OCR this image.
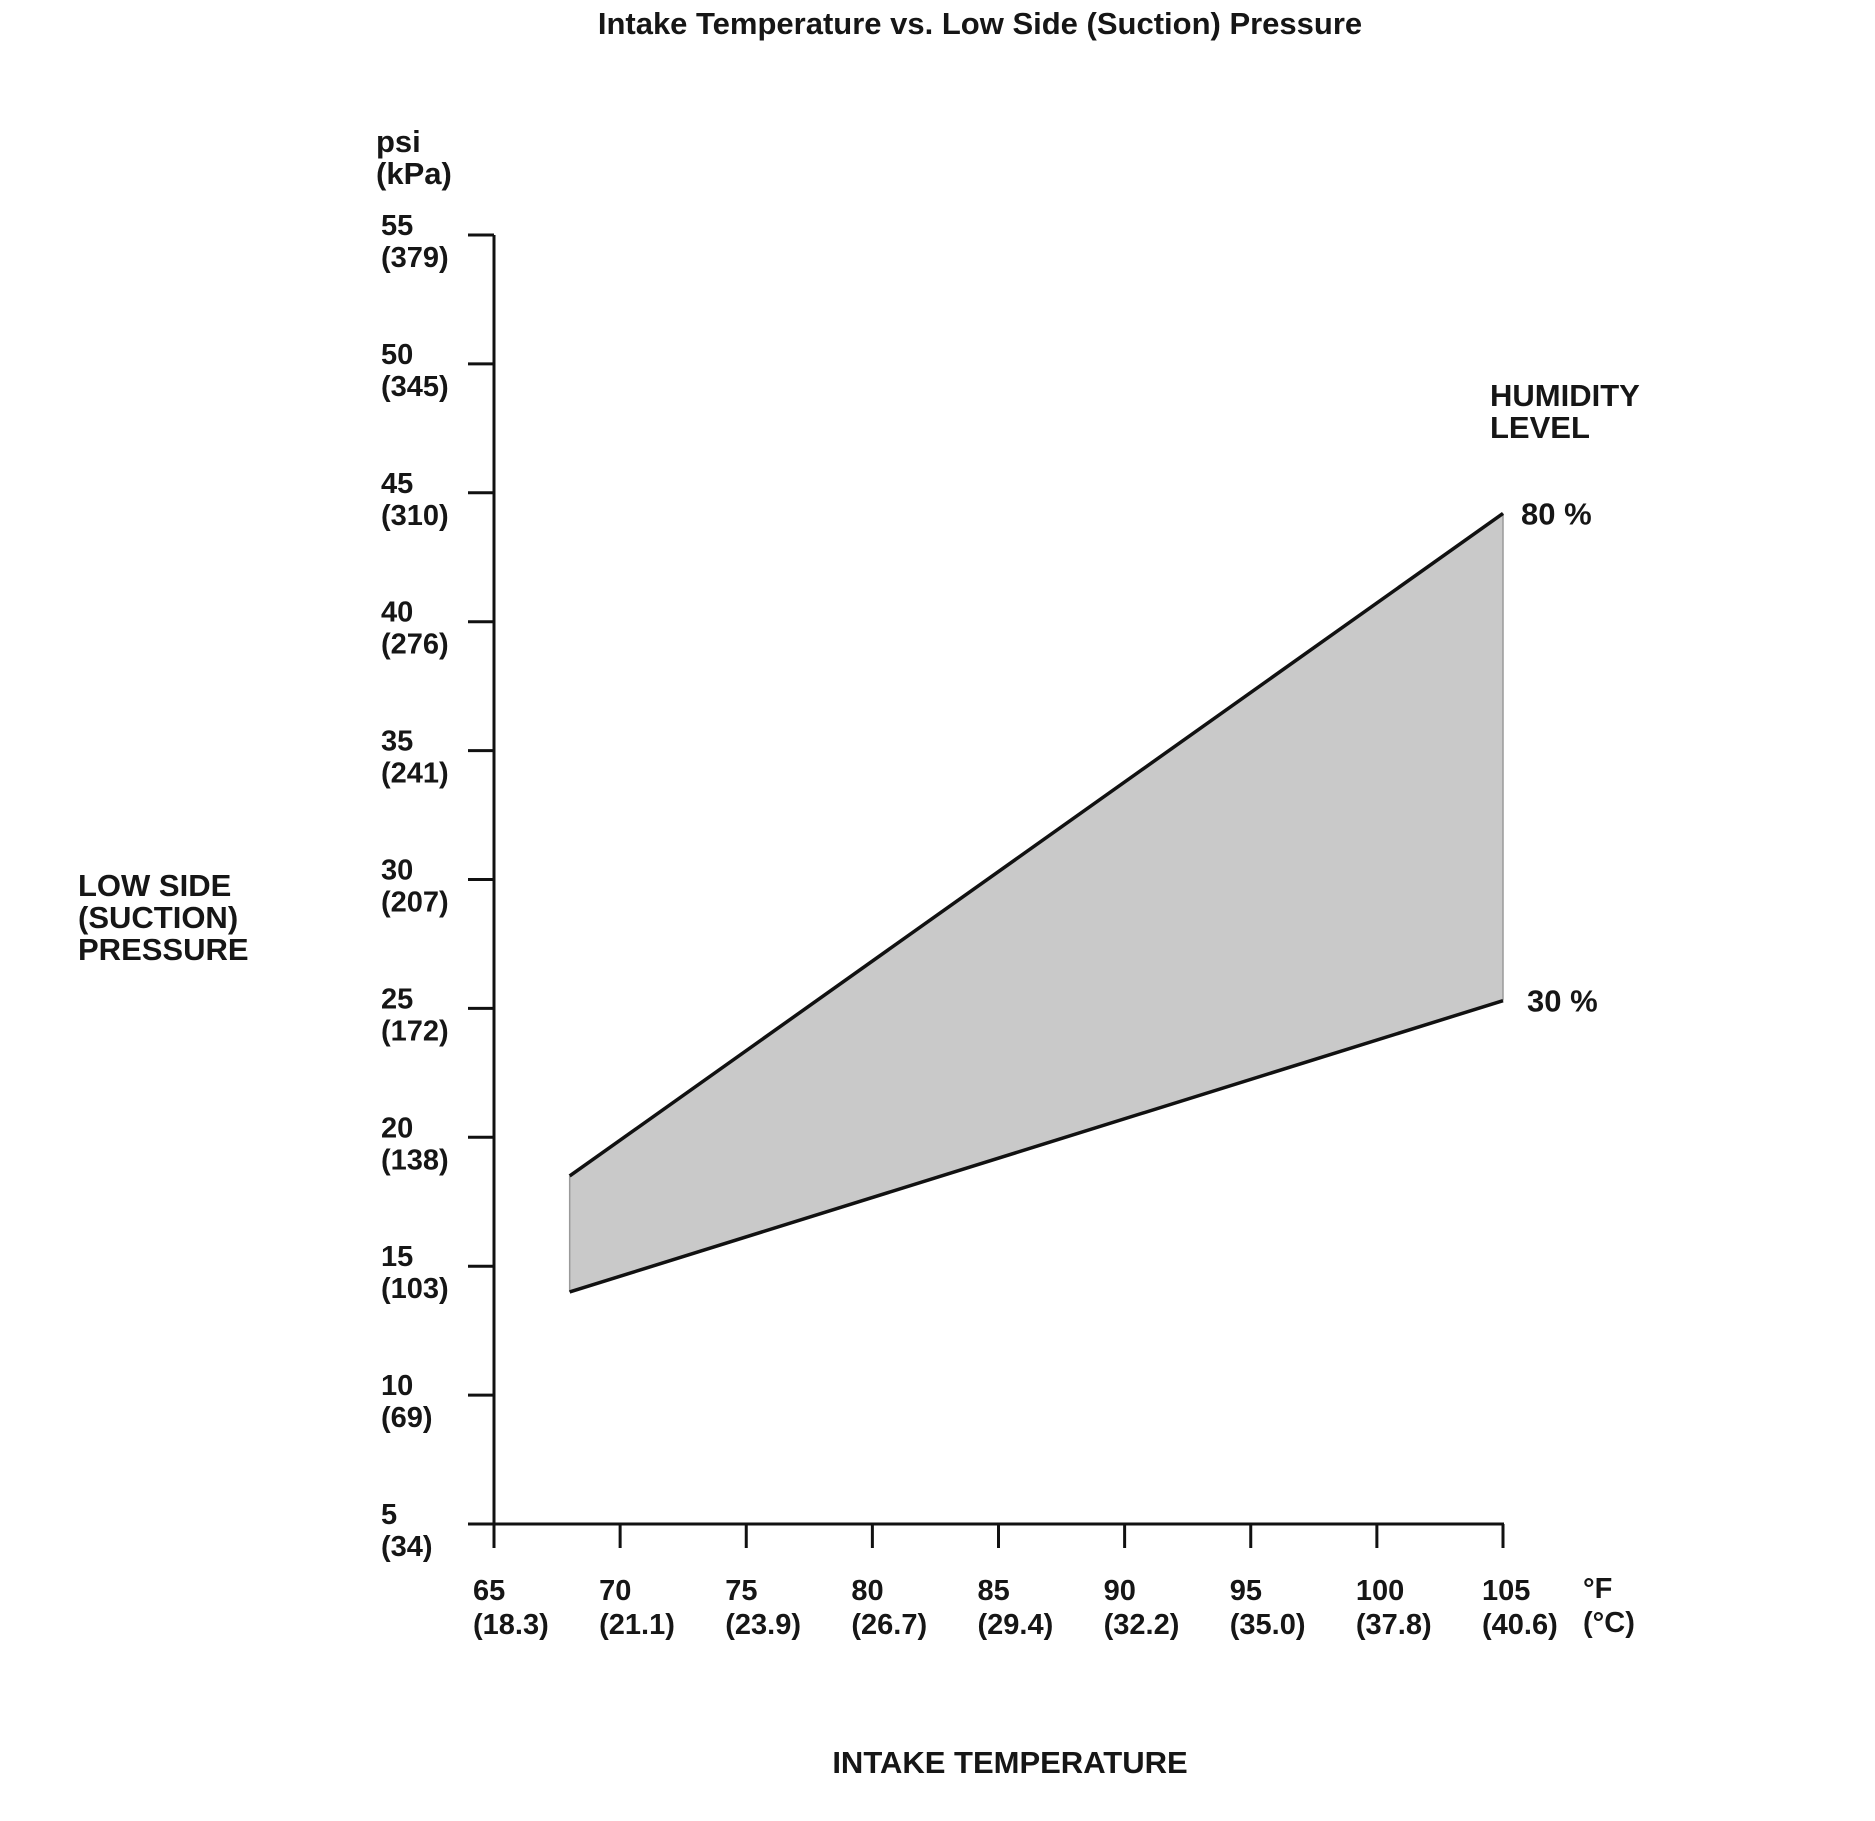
Intake Temperature vs. Low Side (Suction) Pressure
psi
(kPa)
LOW SIDE
(SUCTION)
PRESSURE
HUMIDITY
LEVEL
°F
(°C)
INTAKE TEMPERATURE
80 %
30 %
5
(34)
10
(69)
15
(103)
20
(138)
25
(172)
30
(207)
35
(241)
40
(276)
45
(310)
50
(345)
55
(379)
65
(18.3)
70
(21.1)
75
(23.9)
80
(26.7)
85
(29.4)
90
(32.2)
95
(35.0)
100
(37.8)
105
(40.6)
